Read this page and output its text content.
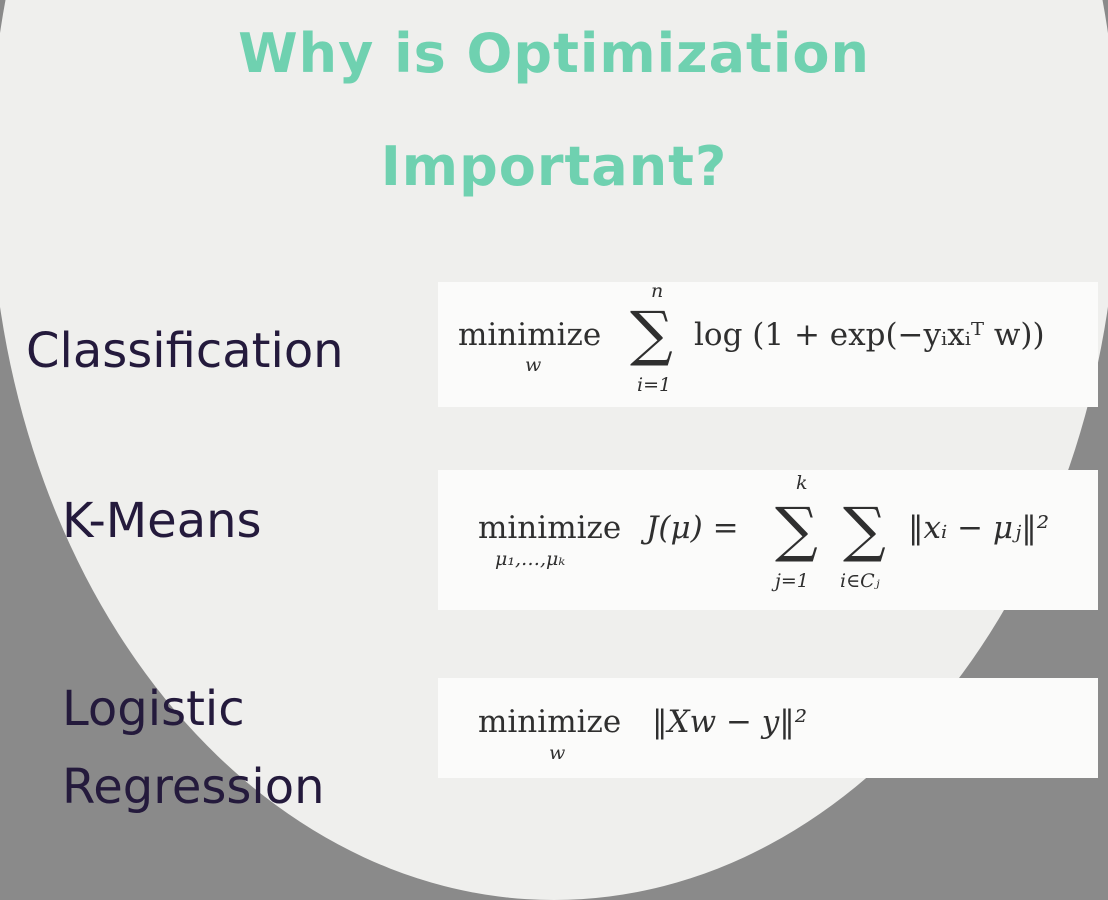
Why is Optimization
Important?
Classification	minimize
w
n
∑
i=1
log (1 + exp(−yᵢxᵢᵀ w))
K-Means	minimize
μ₁,…,μₖ
J(μ) =
k
∑
j=1
∑
i∈Cⱼ
‖xᵢ − μⱼ‖²
Logistic
Regression
minimize
w
‖Xw − y‖²
